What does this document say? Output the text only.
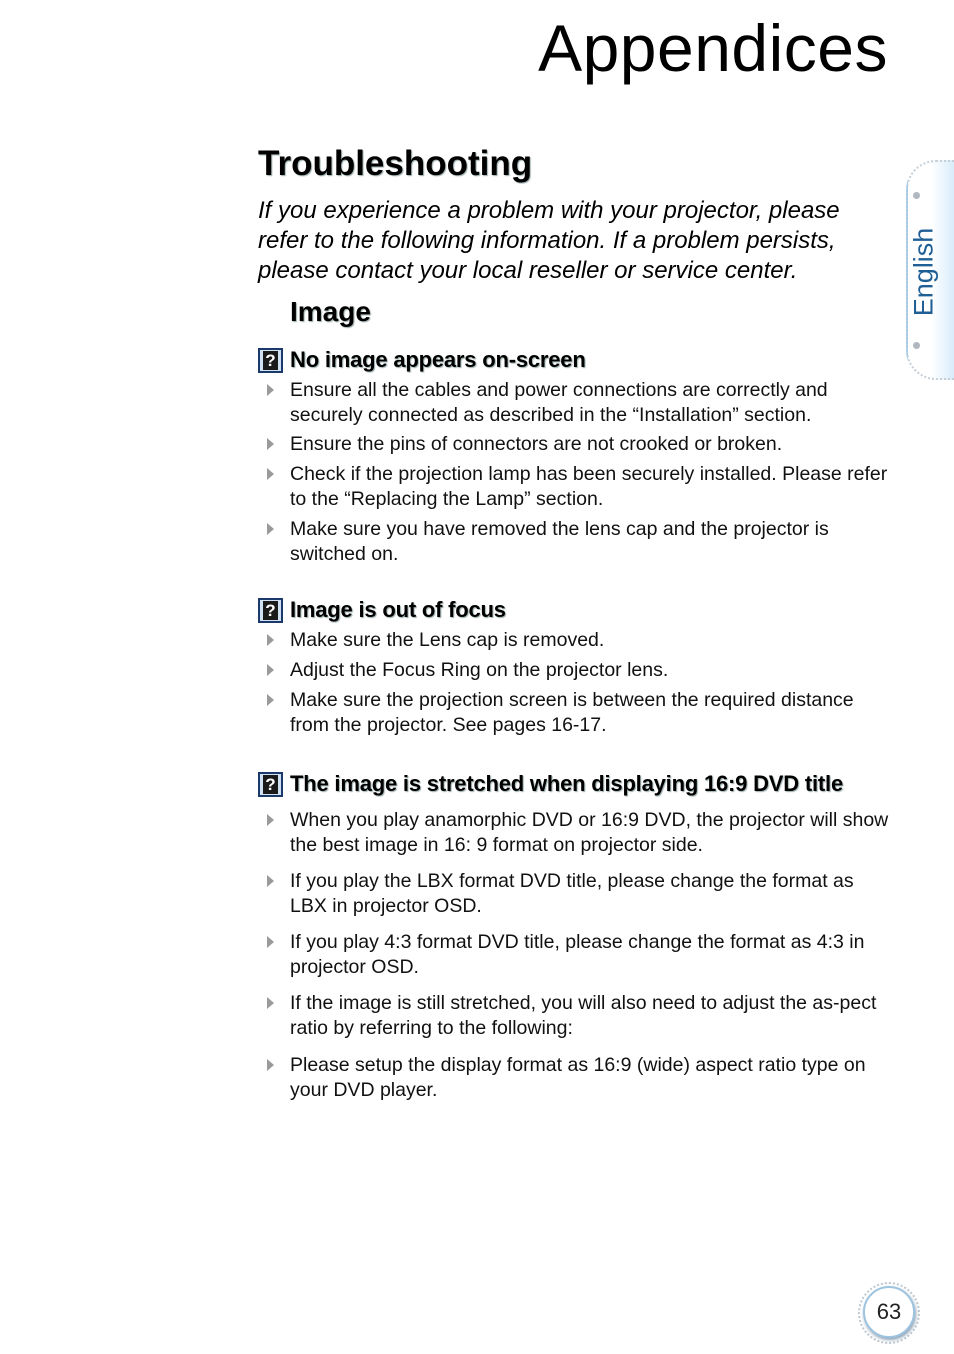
Appendices
Troubleshooting
If you experience a problem with your projector, please refer to the following information. If a problem persists, please contact your local reseller or service center.
Image
? No image appears on-screen
Ensure all the cables and power connections are correctly and securely connected as described in the “Installation” section.
Ensure the pins of connectors are not crooked or broken.
Check if the projection lamp has been securely installed. Please refer to the “Replacing the Lamp” section.
Make sure you have removed the lens cap and the projector is switched on.
? Image is out of focus
Make sure the Lens cap is removed.
Adjust the Focus Ring on the projector lens.
Make sure the projection screen is between the required distance from the projector. See pages 16-17.
? The image is stretched when displaying 16:9 DVD title
When you play anamorphic DVD or 16:9 DVD, the projector will show the best image in 16: 9 format on projector side.
If you play the LBX format DVD title, please change the format as LBX in projector OSD.
If you play 4:3 format DVD title, please change the format as 4:3 in projector OSD.
If the image is still stretched, you will also need to adjust the as-pect ratio by referring to the following:
Please setup the display format as 16:9 (wide) aspect ratio type on your DVD player.
English
63
